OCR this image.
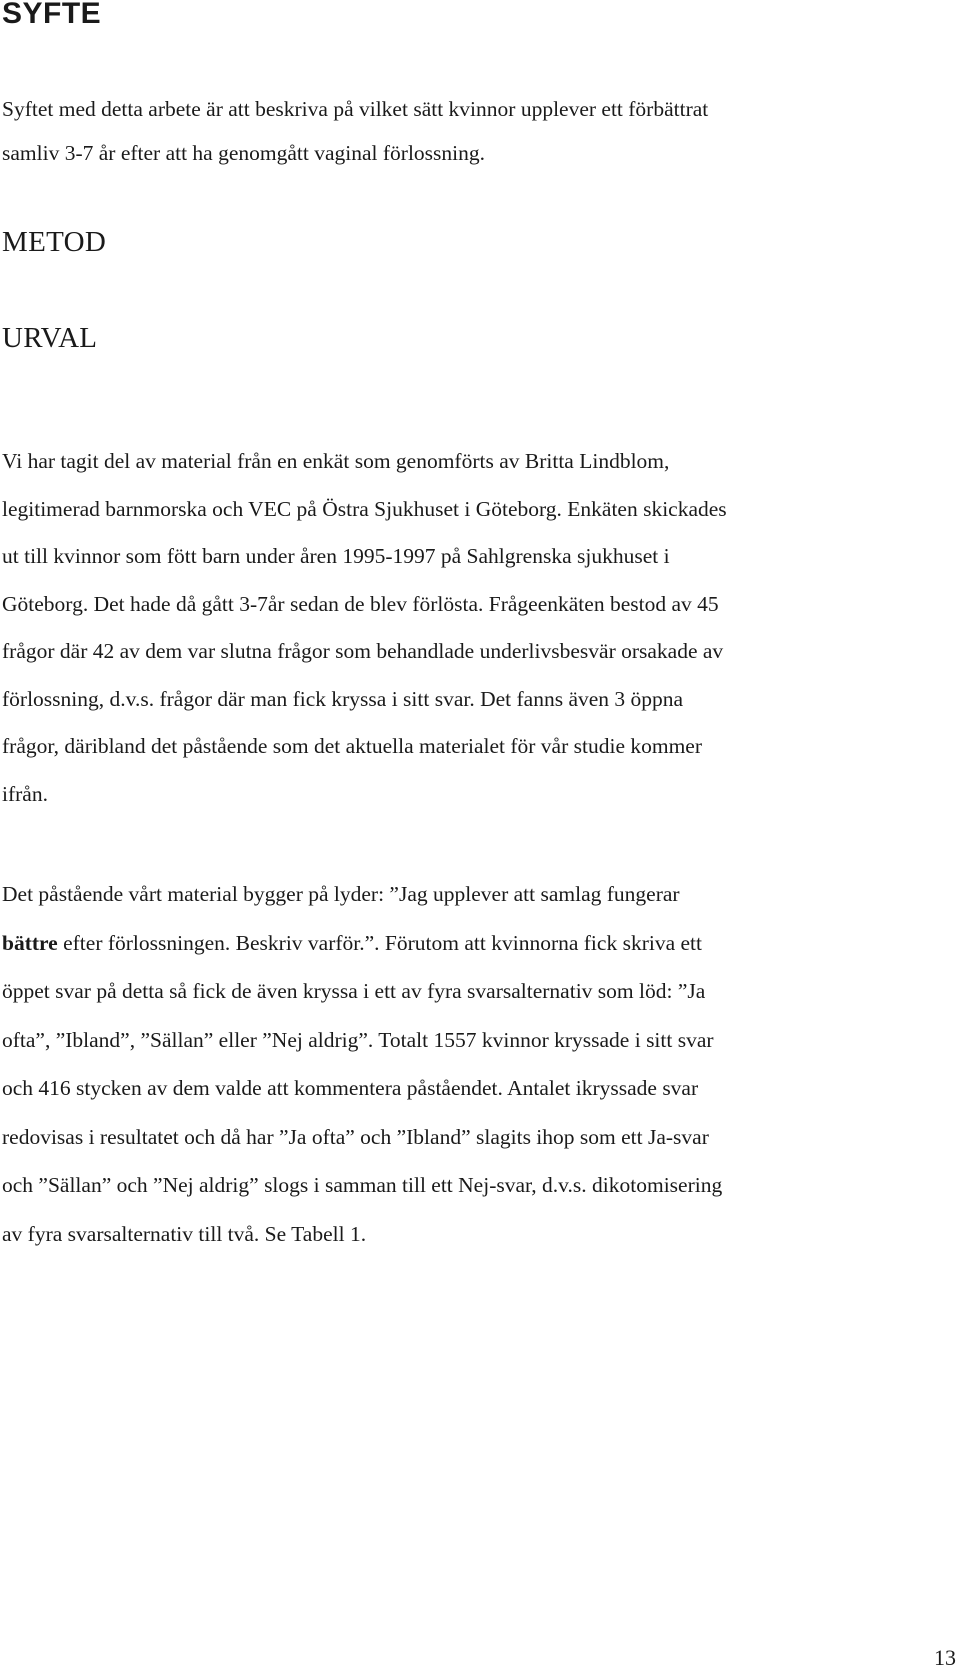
SYFTE

Syftet med detta arbete är att beskriva på vilket sätt kvinnor upplever ett förbättrat
samliv 3-7 år efter att ha genomgått vaginal förlossning.

METOD
URVAL

Vi har tagit del av material från en enkät som genomförts av Britta Lindblom,
legitimerad barnmorska och VEC på Östra Sjukhuset i Göteborg. Enkäten skickades
ut till kvinnor som fött barn under åren 1995-1997 på Sahlgrenska sjukhuset i
Göteborg. Det hade då gått 3-7år sedan de blev förlösta. Frågeenkäten bestod av 45
frågor där 42 av dem var slutna frågor som behandlade underlivsbesvär orsakade av
förlossning, d.v.s. frågor där man fick kryssa i sitt svar. Det fanns även 3 öppna
frågor, däribland det påstående som det aktuella materialet för vår studie kommer
ifrån.

Det påstående vårt material bygger på lyder: ”Jag upplever att samlag fungerar
bättre efter förlossningen. Beskriv varför.”. Förutom att kvinnorna fick skriva ett
öppet svar på detta så fick de även kryssa i ett av fyra svarsalternativ som löd: ”Ja
ofta”, ”Ibland”, ”Sällan” eller ”Nej aldrig”. Totalt 1557 kvinnor kryssade i sitt svar
och 416 stycken av dem valde att kommentera påståendet. Antalet ikryssade svar
redovisas i resultatet och då har ”Ja ofta” och ”Ibland” slagits ihop som ett Ja-svar
och ”Sällan” och ”Nej aldrig” slogs i samman till ett Nej-svar, d.v.s. dikotomisering
av fyra svarsalternativ till två. Se Tabell 1.

13
